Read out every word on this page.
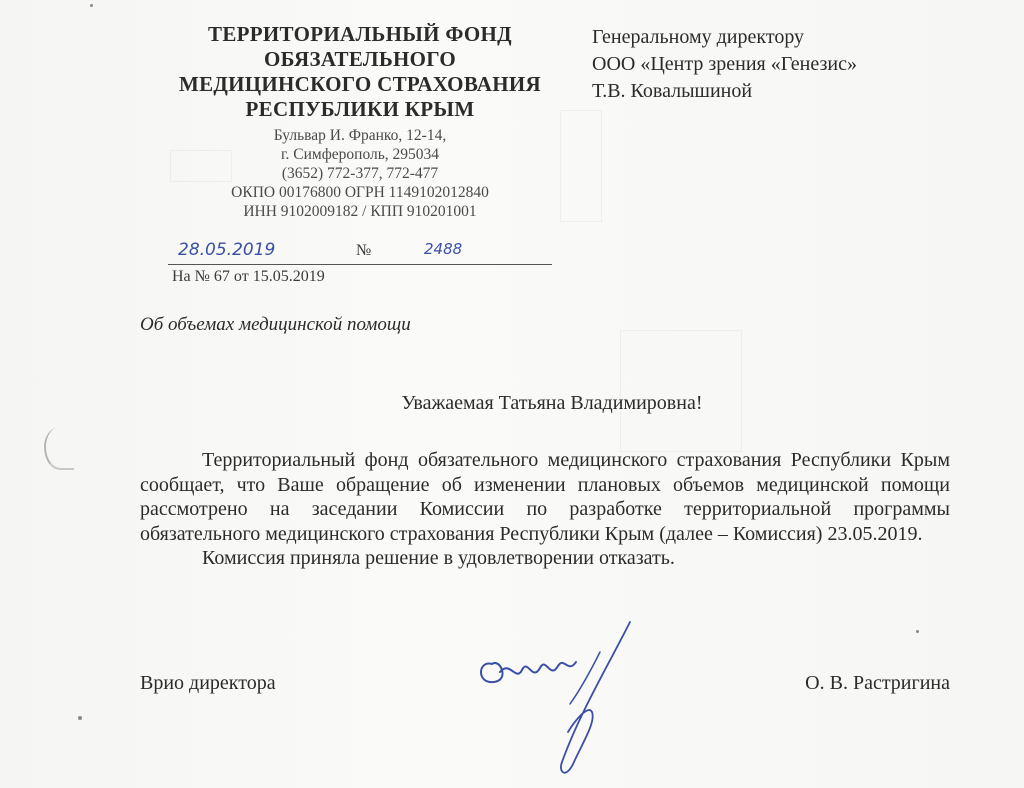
ТЕРРИТОРИАЛЬНЫЙ ФОНД
ОБЯЗАТЕЛЬНОГО
МЕДИЦИНСКОГО СТРАХОВАНИЯ
РЕСПУБЛИКИ КРЫМ
Бульвар И. Франко, 12-14,
г. Симферополь, 295034
(3652) 772-377, 772-477
ОКПО 00176800 ОГРН 1149102012840
ИНН 9102009182 / КПП 910201001
28.05.2019	№	2488
На № 67 от 15.05.2019
Генеральному директору
ООО «Центр зрения «Генезис»
Т.В. Ковалышиной
Об объемах медицинской помощи
Уважаемая Татьяна Владимировна!

Территориальный фонд обязательного медицинского страхования Республики Крым сообщает, что Ваше обращение об изменении плановых объемов медицинской помощи рассмотрено на заседании Комиссии по разработке территориальной программы обязательного медицинского страхования Республики Крым (далее – Комиссия) 23.05.2019.

Комиссия приняла решение в удовлетворении отказать.

Врио директора	О. В. Растригина
